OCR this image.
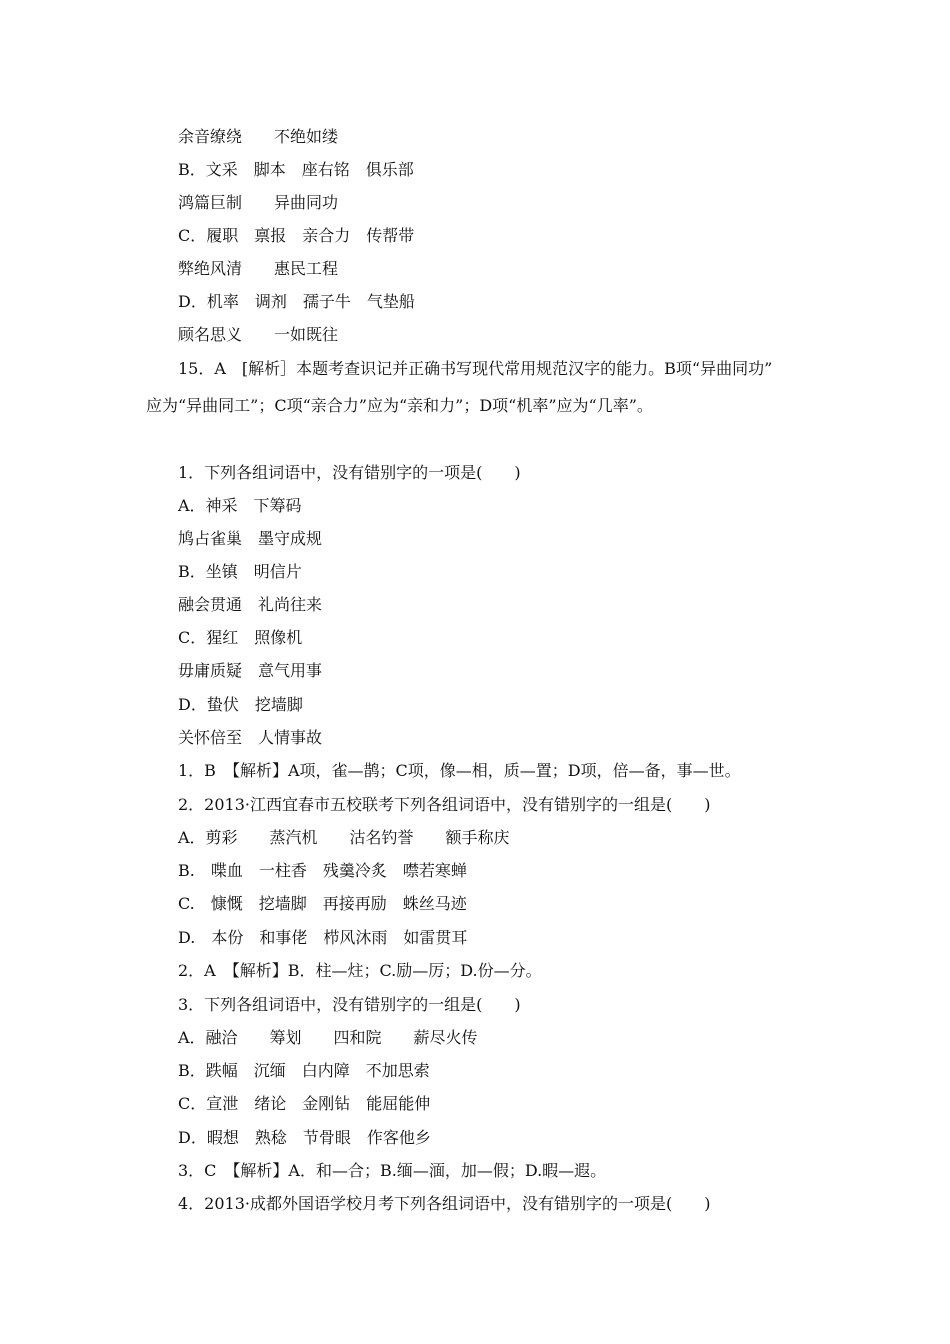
余音缭绕　　不绝如缕
B．文采　脚本　座右铭　俱乐部
鸿篇巨制　　异曲同功
C．履职　禀报　亲合力　传帮带
弊绝风清　　惠民工程
D．机率　调剂　孺子牛　气垫船
顾名思义　　一如既往
15．A　[解析］本题考查识记并正确书写现代常用规范汉字的能力。B项“异曲同功”
应为“异曲同工”；C项“亲合力”应为“亲和力”；D项“机率”应为“几率”。
1．下列各组词语中，没有错别字的一项是(　　)
A．神采　下筹码
鸠占雀巢　墨守成规
B．坐镇　明信片
融会贯通　礼尚往来
C．猩红　照像机
毋庸质疑　意气用事
D．蛰伏　挖墙脚
关怀倍至　人情事故
1．B　【解析】A项，雀—鹊；C项，像—相，质—置；D项，倍—备，事—世。
2．2013·江西宜春市五校联考下列各组词语中，没有错别字的一组是(　　)
A．剪彩　　蒸汽机　　沽名钓誉　　额手称庆
B.　喋血　一柱香　残羹冷炙　噤若寒蝉
C.　慷慨　挖墙脚　再接再励　蛛丝马迹
D.　本份　和事佬　栉风沐雨　如雷贯耳
2．A　【解析】B．柱—炷；C.励—厉；D.份—分。
3．下列各组词语中，没有错别字的一组是(　　)
A．融洽　　筹划　　四和院　　薪尽火传
B．跌幅　沉缅　白内障　不加思索
C．宣泄　绪论　金刚钻　能屈能伸
D．暇想　熟稔　节骨眼　作客他乡
3．C　【解析】A．和—合；B.缅—湎，加—假；D.暇—遐。
4．2013·成都外国语学校月考下列各组词语中，没有错别字的一项是(　　)
